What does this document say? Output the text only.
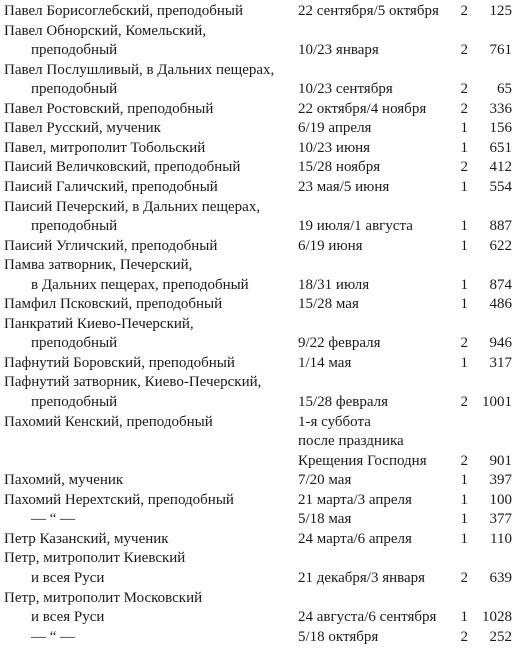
Павел Борисоглебский, преподобный	22 сентября/5 октября	2 125
Павел Обнорский, Комельский,
преподобный	10/23 января	2 761
Павел Послушливый, в Дальних пещерах,
преподобный	10/23 сентября	2 65
Павел Ростовский, преподобный	22 октября/4 ноября	2 336
Павел Русский, мученик	6/19 апреля	1 156
Павел, митрополит Тобольский	10/23 июня	1 651
Паисий Величковский, преподобный	15/28 ноября	2 412
Паисий Галичский, преподобный	23 мая/5 июня	1 554
Паисий Печерский, в Дальних пещерах,
преподобный	19 июля/1 августа	1 887
Паисий Угличский, преподобный	6/19 июня	1 622
Памва затворник, Печерский,
в Дальних пещерах, преподобный	18/31 июля	1 874
Памфил Псковский, преподобный	15/28 мая	1 486
Панкратий Киево-Печерский,
преподобный	9/22 февраля	2 946
Пафнутий Боровский, преподобный	1/14 мая	1 317
Пафнутий затворник, Киево-Печерский,
преподобный	15/28 февраля	2 1001
Пахомий Кенский, преподобный	1-я суббота
после праздника
Крещения Господня	2 901
Пахомий, мученик	7/20 мая	1 397
Пахомий Нерехтский, преподобный	21 марта/3 апреля	1 100
— “ —	5/18 мая	1 377
Петр Казанский, мученик	24 марта/6 апреля	1 110
Петр, митрополит Киевский
и всея Руси	21 декабря/3 января	2 639
Петр, митрополит Московский
и всея Руси	24 августа/6 сентября	1 1028
— “ —	5/18 октября	2 252
